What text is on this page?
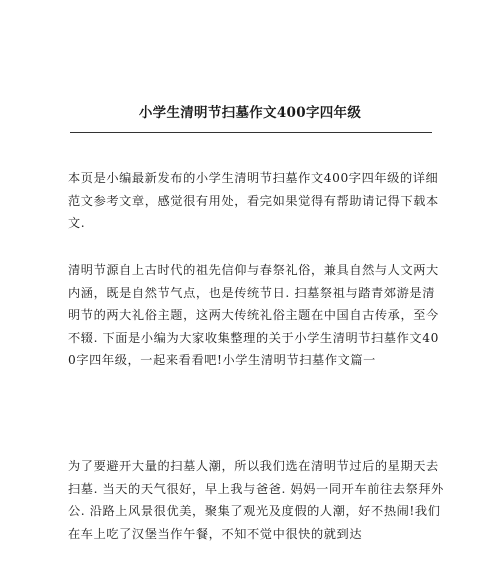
小学生清明节扫墓作文400字四年级

本页是小编最新发布的小学生清明节扫墓作文400字四年级的详细范文参考文章，感觉很有用处，看完如果觉得有帮助请记得下载本文.

清明节源自上古时代的祖先信仰与春祭礼俗，兼具自然与人文两大内涵，既是自然节气点，也是传统节日. 扫墓祭祖与踏青郊游是清明节的两大礼俗主题，这两大传统礼俗主题在中国自古传承，至今不辍. 下面是小编为大家收集整理的关于小学生清明节扫墓作文400字四年级，一起来看看吧!小学生清明节扫墓作文篇一

为了要避开大量的扫墓人潮，所以我们选在清明节过后的星期天去扫墓. 当天的天气很好，早上我与爸爸. 妈妈一同开车前往去祭拜外公. 沿路上风景很优美，聚集了观光及度假的人潮，好不热闹!我们在车上吃了汉堡当作午餐，不知不觉中很快的就到达
